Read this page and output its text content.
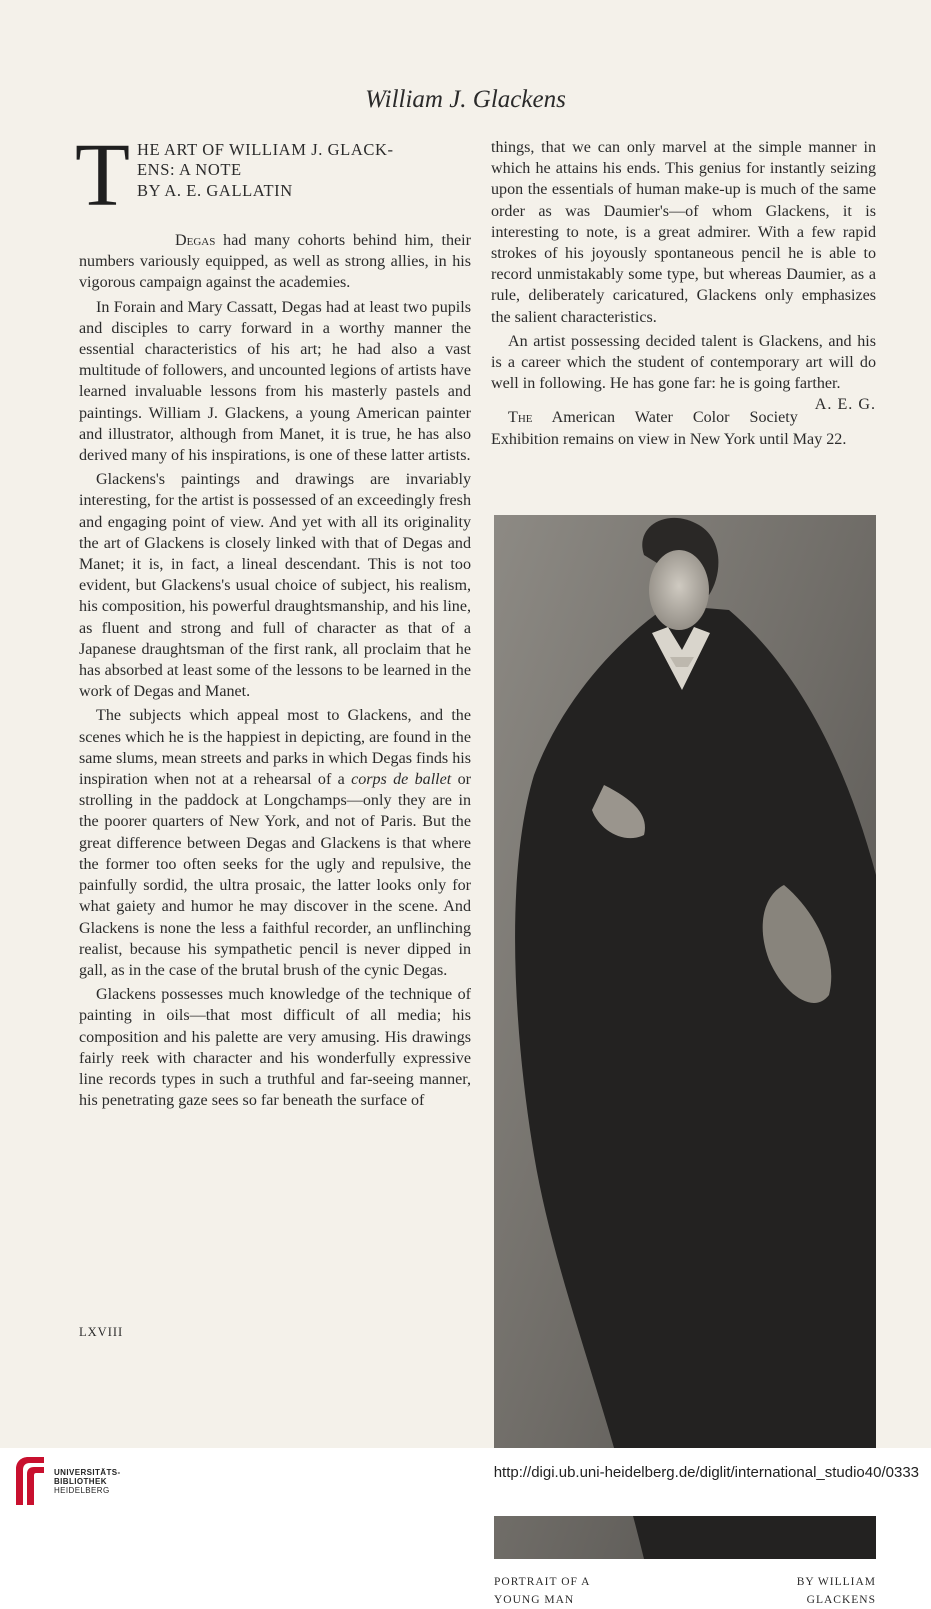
William J. Glackens
T HE ART OF WILLIAM J. GLACK-
ENS: A NOTE
BY A. E. GALLATIN

Degas had many cohorts behind him, their numbers variously equipped, as well as strong allies, in his vigorous campaign against the academies.

In Forain and Mary Cassatt, Degas had at least two pupils and disciples to carry forward in a worthy manner the essential characteristics of his art; he had also a vast multitude of followers, and uncounted legions of artists have learned invaluable lessons from his masterly pastels and paintings. William J. Glackens, a young American painter and illustrator, although from Manet, it is true, he has also derived many of his inspirations, is one of these latter artists.

Glackens's paintings and drawings are invariably interesting, for the artist is possessed of an exceedingly fresh and engaging point of view. And yet with all its originality the art of Glackens is closely linked with that of Degas and Manet; it is, in fact, a lineal descendant. This is not too evident, but Glackens's usual choice of subject, his realism, his composition, his powerful draughtsmanship, and his line, as fluent and strong and full of character as that of a Japanese draughtsman of the first rank, all proclaim that he has absorbed at least some of the lessons to be learned in the work of Degas and Manet.

The subjects which appeal most to Glackens, and the scenes which he is the happiest in depicting, are found in the same slums, mean streets and parks in which Degas finds his inspiration when not at a rehearsal of a corps de ballet or strolling in the paddock at Longchamps—only they are in the poorer quarters of New York, and not of Paris. But the great difference between Degas and Glackens is that where the former too often seeks for the ugly and repulsive, the painfully sordid, the ultra prosaic, the latter looks only for what gaiety and humor he may discover in the scene. And Glackens is none the less a faithful recorder, an unflinching realist, because his sympathetic pencil is never dipped in gall, as in the case of the brutal brush of the cynic Degas.

Glackens possesses much knowledge of the technique of painting in oils—that most difficult of all media; his composition and his palette are very amusing. His drawings fairly reek with character and his wonderfully expressive line records types in such a truthful and far-seeing manner, his penetrating gaze sees so far beneath the surface of

things, that we can only marvel at the simple manner in which he attains his ends. This genius for instantly seizing upon the essentials of human make-up is much of the same order as was Daumier's—of whom Glackens, it is interesting to note, is a great admirer. With a few rapid strokes of his joyously spontaneous pencil he is able to record unmistakably some type, but whereas Daumier, as a rule, deliberately caricatured, Glackens only emphasizes the salient characteristics.

An artist possessing decided talent is Glackens, and his is a career which the student of contemporary art will do well in following. He has gone far: he is going farther.
A. E. G.

The American Water Color Society Exhibition remains on view in New York until May 22.

PORTRAIT OF A
YOUNG MAN
BY WILLIAM
GLACKENS
LXVIII
UNIVERSITÄTS-
BIBLIOTHEK
HEIDELBERG
http://digi.ub.uni-heidelberg.de/diglit/international_studio40/0333
